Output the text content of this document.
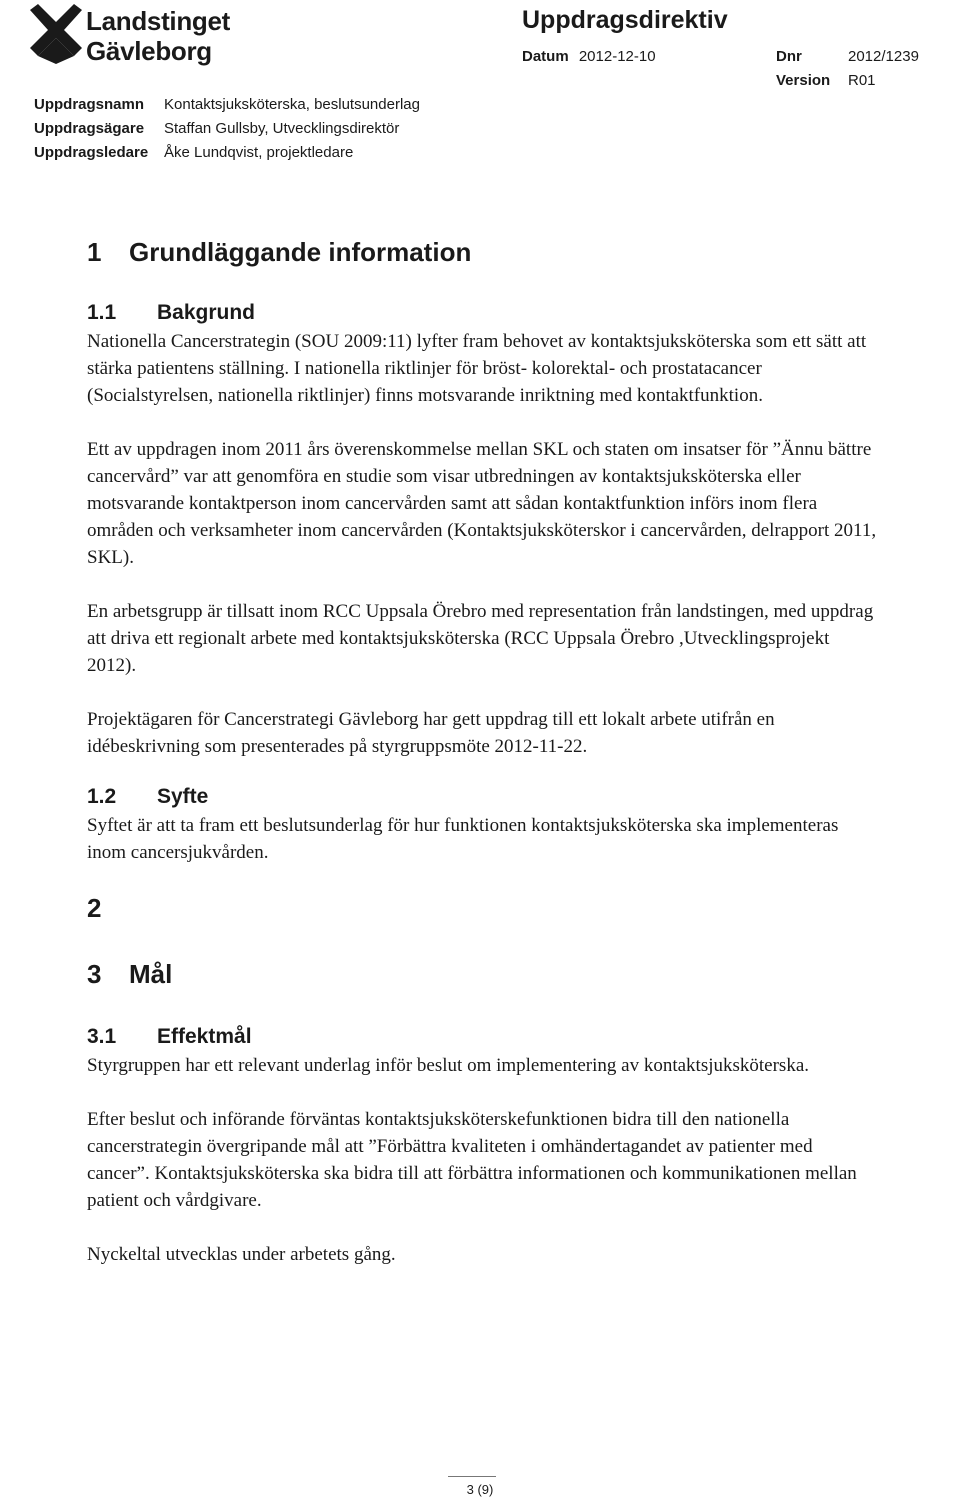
Landstinget
Gävleborg
Uppdragsdirektiv
Datum 2012-12-10	Dnr	2012/1239
Version R01
Uppdragsnamn Kontaktsjuksköterska, beslutsunderlag
Uppdragsägare Staffan Gullsby, Utvecklingsdirektör
Uppdragsledare Åke Lundqvist, projektledare
1 Grundläggande information
1.1 Bakgrund

Nationella Cancerstrategin (SOU 2009:11) lyfter fram behovet av kontaktsjuksköterska som ett sätt att stärka patientens ställning. I nationella riktlinjer för bröst- kolorektal- och prostatacancer (Socialstyrelsen, nationella riktlinjer) finns motsvarande inriktning med kontaktfunktion.

Ett av uppdragen inom 2011 års överenskommelse mellan SKL och staten om insatser för ”Ännu bättre cancervård” var att genomföra en studie som visar utbredningen av kontaktsjuksköterska eller motsvarande kontaktperson inom cancervården samt att sådan kontaktfunktion införs inom flera områden och verksamheter inom cancervården (Kontaktsjuksköterskor i cancervården, delrapport 2011, SKL).

En arbetsgrupp är tillsatt inom RCC Uppsala Örebro med representation från landstingen, med uppdrag att driva ett regionalt arbete med kontaktsjuksköterska (RCC Uppsala Örebro ,Utvecklingsprojekt 2012).

Projektägaren för Cancerstrategi Gävleborg har gett uppdrag till ett lokalt arbete utifrån en idébeskrivning som presenterades på styrgruppsmöte 2012-11-22.

1.2 Syfte

Syftet är att ta fram ett beslutsunderlag för hur funktionen kontaktsjuksköterska ska implementeras inom cancersjukvården.

2
3 Mål
3.1 Effektmål

Styrgruppen har ett relevant underlag inför beslut om implementering av kontaktsjuksköterska.

Efter beslut och införande förväntas kontaktsjuksköterskefunktionen bidra till den nationella cancerstrategin övergripande mål att ”Förbättra kvaliteten i omhändertagandet av patienter med cancer”. Kontaktsjuksköterska ska bidra till att förbättra informationen och kommunikationen mellan patient och vårdgivare.

Nyckeltal utvecklas under arbetets gång.

3 (9)
